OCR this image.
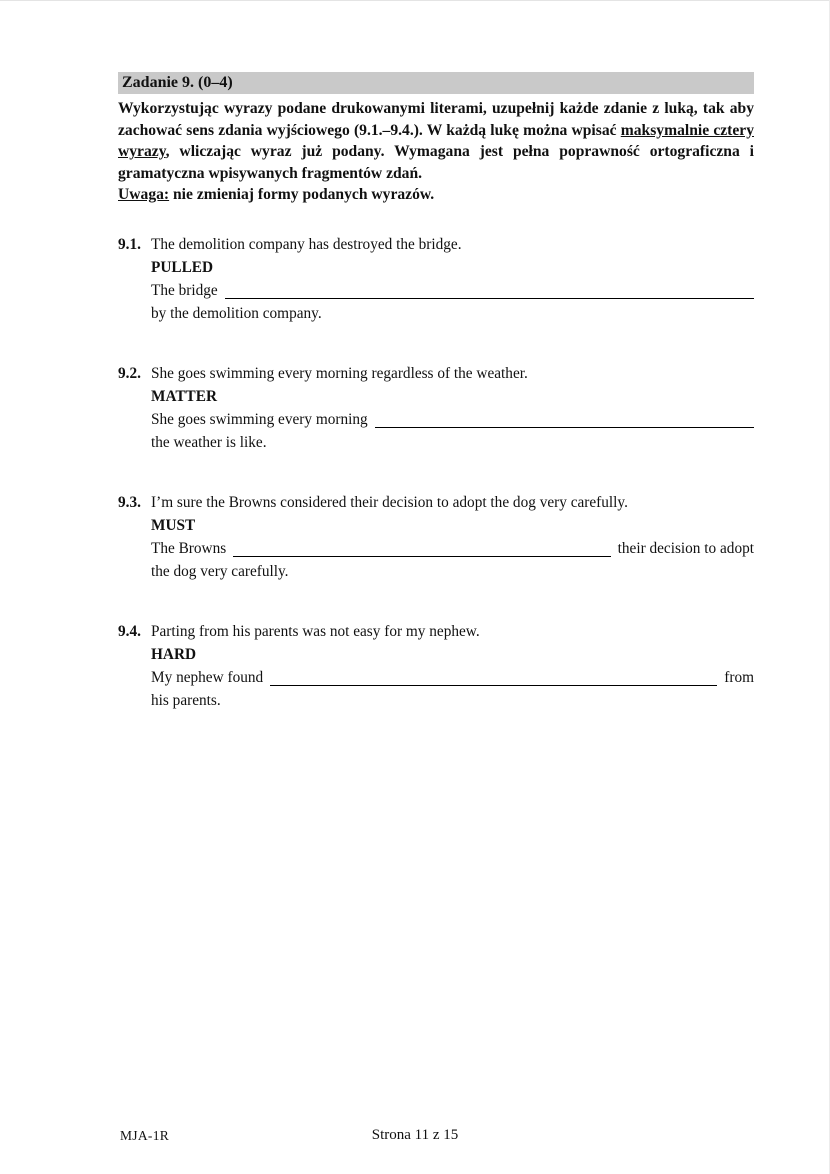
Zadanie 9. (0–4)

Wykorzystując wyrazy podane drukowanymi literami, uzupełnij każde zdanie z luką, tak aby zachować sens zdania wyjściowego (9.1.–9.4.). W każdą lukę można wpisać maksymalnie cztery wyrazy, wliczając wyraz już podany. Wymagana jest pełna poprawność ortograficzna i gramatyczna wpisywanych fragmentów zdań.

Uwaga: nie zmieniaj formy podanych wyrazów.

9.1. The demolition company has destroyed the bridge.
PULLED
The bridge
by the demolition company.
9.2. She goes swimming every morning regardless of the weather.
MATTER
She goes swimming every morning
the weather is like.
9.3. I’m sure the Browns considered their decision to adopt the dog very carefully.
MUST
The Browns	their decision to adopt
the dog very carefully.
9.4. Parting from his parents was not easy for my nephew.
HARD
My nephew found	from
his parents.
MJA-1R	Strona 11 z 15
